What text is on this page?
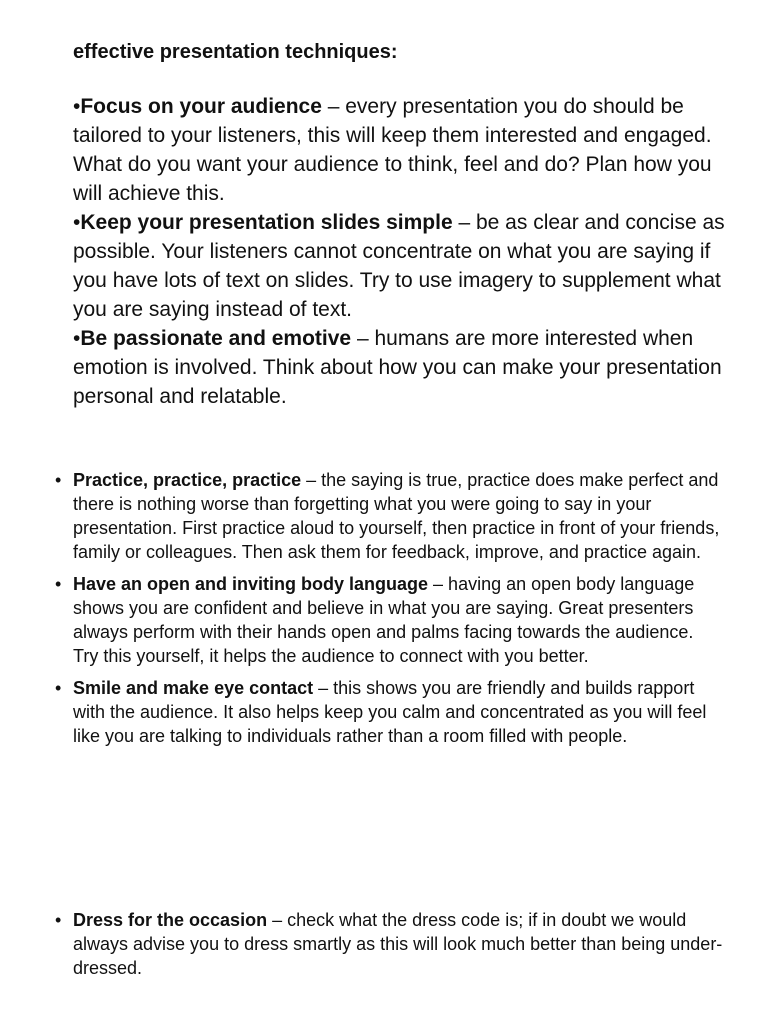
effective presentation techniques:

•Focus on your audience – every presentation you do should be tailored to your listeners, this will keep them interested and engaged. What do you want your audience to think, feel and do? Plan how you will achieve this.

•Keep your presentation slides simple – be as clear and concise as possible. Your listeners cannot concentrate on what you are saying if you have lots of text on slides. Try to use imagery to supplement what you are saying instead of text.

•Be passionate and emotive – humans are more interested when emotion is involved. Think about how you can make your presentation personal and relatable.

• Practice, practice, practice – the saying is true, practice does make perfect and there is nothing worse than forgetting what you were going to say in your presentation. First practice aloud to yourself, then practice in front of your friends, family or colleagues. Then ask them for feedback, improve, and practice again.
• Have an open and inviting body language – having an open body language shows you are confident and believe in what you are saying. Great presenters always perform with their hands open and palms facing towards the audience. Try this yourself, it helps the audience to connect with you better.
• Smile and make eye contact – this shows you are friendly and builds rapport with the audience. It also helps keep you calm and concentrated as you will feel like you are talking to individuals rather than a room filled with people.
• Dress for the occasion – check what the dress code is; if in doubt we would always advise you to dress smartly as this will look much better than being under-dressed.
